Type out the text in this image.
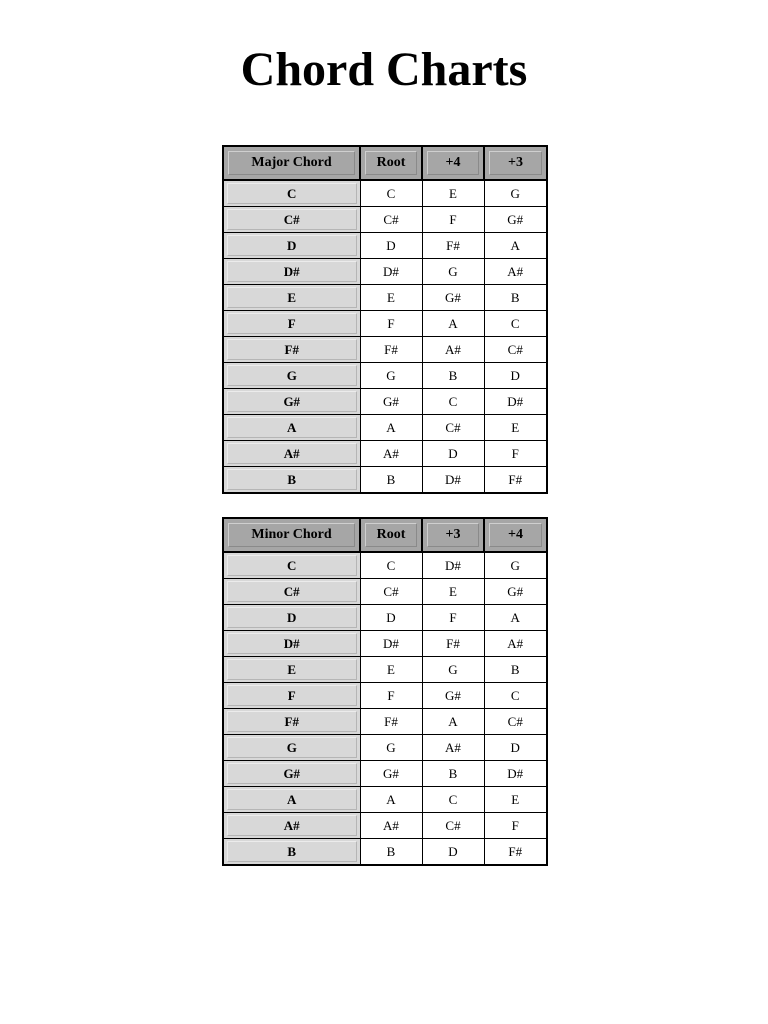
Chord Charts
Major Chord	Root	+4	+3

C	C	E	G

C#	C#	F	G#

D	D	F#	A

D#	D#	G	A#

E	E	G#	B

F	F	A	C

F#	F#	A#	C#

G	G	B	D

G#	G#	C	D#

A	A	C#	E

A#	A#	D	F

B	B	D#	F#
Minor Chord	Root	+3	+4

C	C	D#	G

C#	C#	E	G#

D	D	F	A

D#	D#	F#	A#

E	E	G	B

F	F	G#	C

F#	F#	A	C#

G	G	A#	D

G#	G#	B	D#

A	A	C	E

A#	A#	C#	F

B	B	D	F#
